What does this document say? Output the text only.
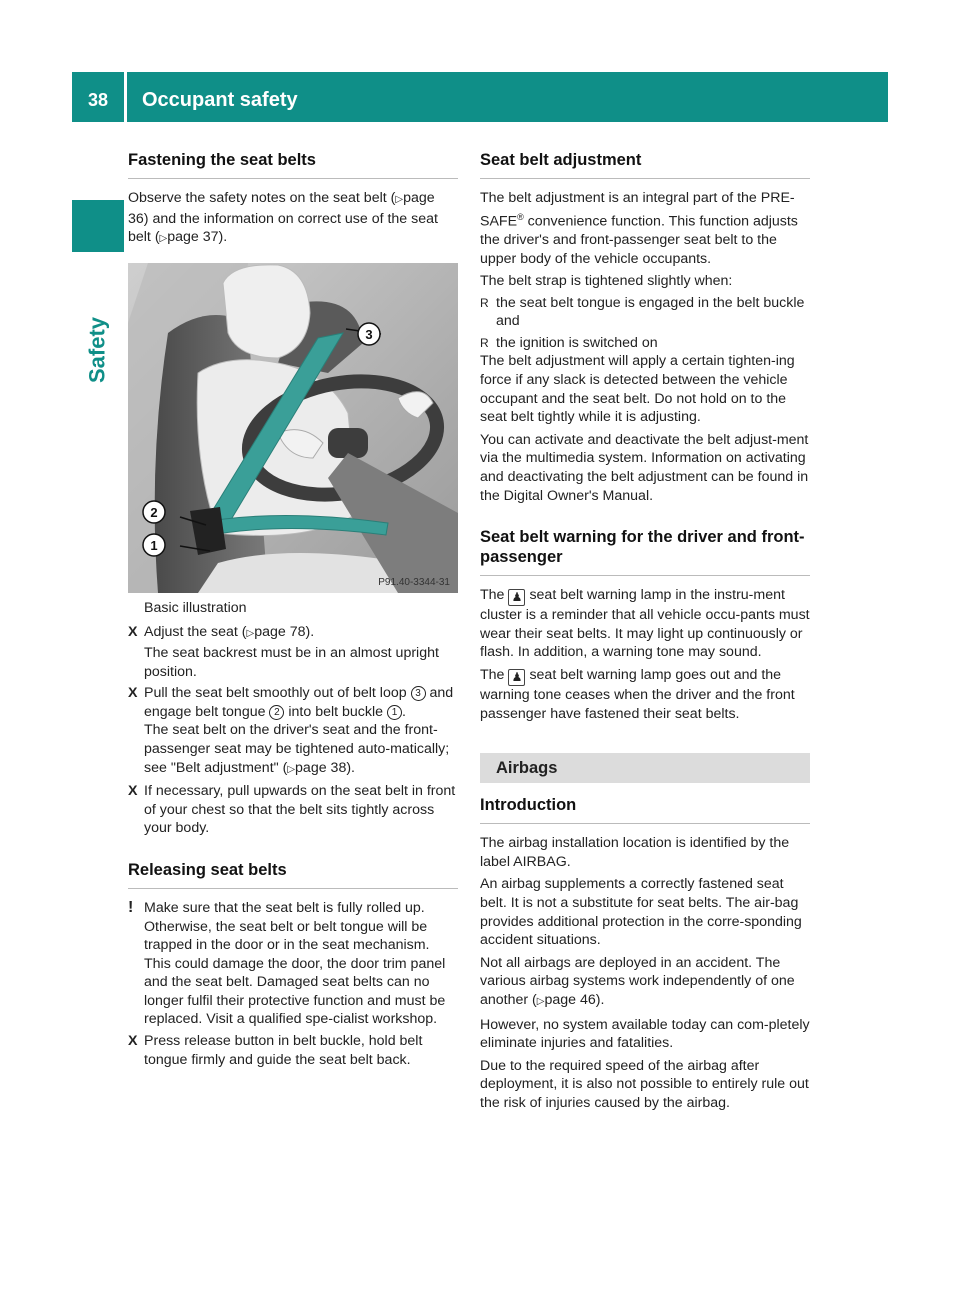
38	Occupant safety
Safety
Fastening the seat belts

Observe the safety notes on the seat belt (▷page 36) and the information on correct use of the seat belt (▷page 37).

3
2
1
P91.40-3344-31

Basic illustration

X Adjust the seat (▷page 78).
The seat backrest must be in an almost upright position.
X Pull the seat belt smoothly out of belt loop 3 and engage belt tongue 2 into belt buckle 1 .
The seat belt on the driver's seat and the front-passenger seat may be tightened auto-matically; see "Belt adjustment" (▷page 38).
X If necessary, pull upwards on the seat belt in front of your chest so that the belt sits tightly across your body.
Releasing seat belts
! Make sure that the seat belt is fully rolled up. Otherwise, the seat belt or belt tongue will be trapped in the door or in the seat mechanism. This could damage the door, the door trim panel and the seat belt. Damaged seat belts can no longer fulfil their protective function and must be replaced. Visit a qualified spe-cialist workshop.
X Press release button in belt buckle, hold belt tongue firmly and guide the seat belt back.
Seat belt adjustment

The belt adjustment is an integral part of the PRE-SAFE® convenience function. This function adjusts the driver's and front-passenger seat belt to the upper body of the vehicle occupants.

The belt strap is tightened slightly when:

R the seat belt tongue is engaged in the belt buckle and
R the ignition is switched on

The belt adjustment will apply a certain tighten-ing force if any slack is detected between the vehicle occupant and the seat belt. Do not hold on to the seat belt tightly while it is adjusting.

You can activate and deactivate the belt adjust-ment via the multimedia system. Information on activating and deactivating the belt adjustment can be found in the Digital Owner's Manual.

Seat belt warning for the driver and front-passenger

The ♟ seat belt warning lamp in the instru-ment cluster is a reminder that all vehicle occu-pants must wear their seat belts. It may light up continuously or flash. In addition, a warning tone may sound.

The ♟ seat belt warning lamp goes out and the warning tone ceases when the driver and the front passenger have fastened their seat belts.

Airbags
Introduction

The airbag installation location is identified by the label AIRBAG.

An airbag supplements a correctly fastened seat belt. It is not a substitute for seat belts. The air-bag provides additional protection in the corre-sponding accident situations.

Not all airbags are deployed in an accident. The various airbag systems work independently of one another (▷page 46).

However, no system available today can com-pletely eliminate injuries and fatalities.

Due to the required speed of the airbag after deployment, it is also not possible to entirely rule out the risk of injuries caused by the airbag.
